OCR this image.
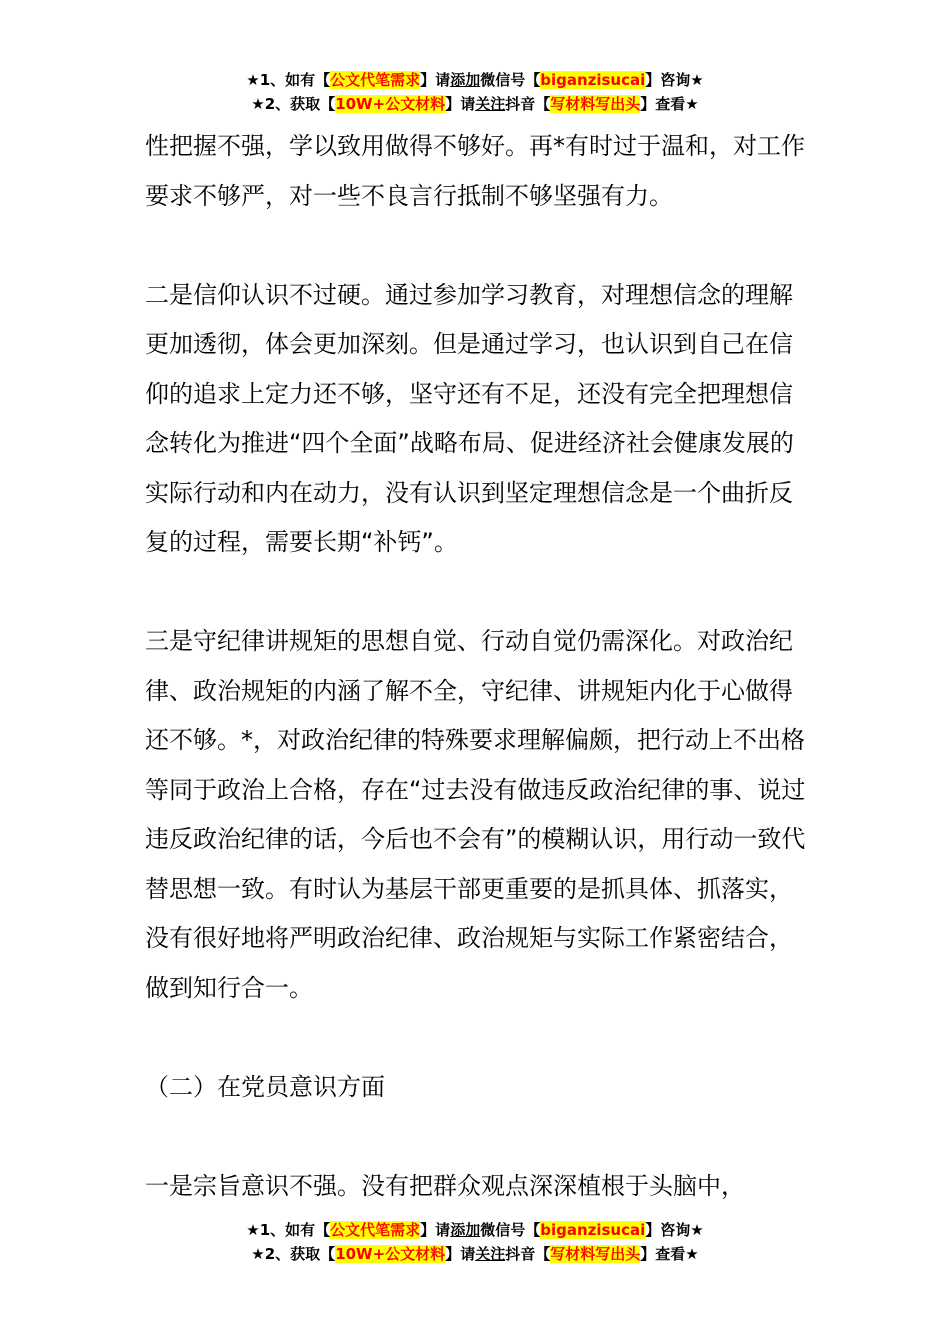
★1、如有【公文代笔需求】请添加微信号【biganzisucai】咨询★
★2、获取【10W+公文材料】请关注抖音【写材料写出头】查看★

性把握不强，学以致用做得不够好。再*有时过于温和，对工作要求不够严，对一些不良言行抵制不够坚强有力。

二是信仰认识不过硬。通过参加学习教育，对理想信念的理解更加透彻，体会更加深刻。但是通过学习，也认识到自己在信仰的追求上定力还不够，坚守还有不足，还没有完全把理想信念转化为推进“四个全面”战略布局、促进经济社会健康发展的实际行动和内在动力，没有认识到坚定理想信念是一个曲折反复的过程，需要长期“补钙”。

三是守纪律讲规矩的思想自觉、行动自觉仍需深化。对政治纪律、政治规矩的内涵了解不全，守纪律、讲规矩内化于心做得还不够。*，对政治纪律的特殊要求理解偏颇，把行动上不出格等同于政治上合格，存在“过去没有做违反政治纪律的事、说过违反政治纪律的话，今后也不会有”的模糊认识，用行动一致代替思想一致。有时认为基层干部更重要的是抓具体、抓落实，没有很好地将严明政治纪律、政治规矩与实际工作紧密结合，做到知行合一。

（二）在党员意识方面

一是宗旨意识不强。没有把群众观点深深植根于头脑中，

★1、如有【公文代笔需求】请添加微信号【biganzisucai】咨询★
★2、获取【10W+公文材料】请关注抖音【写材料写出头】查看★
